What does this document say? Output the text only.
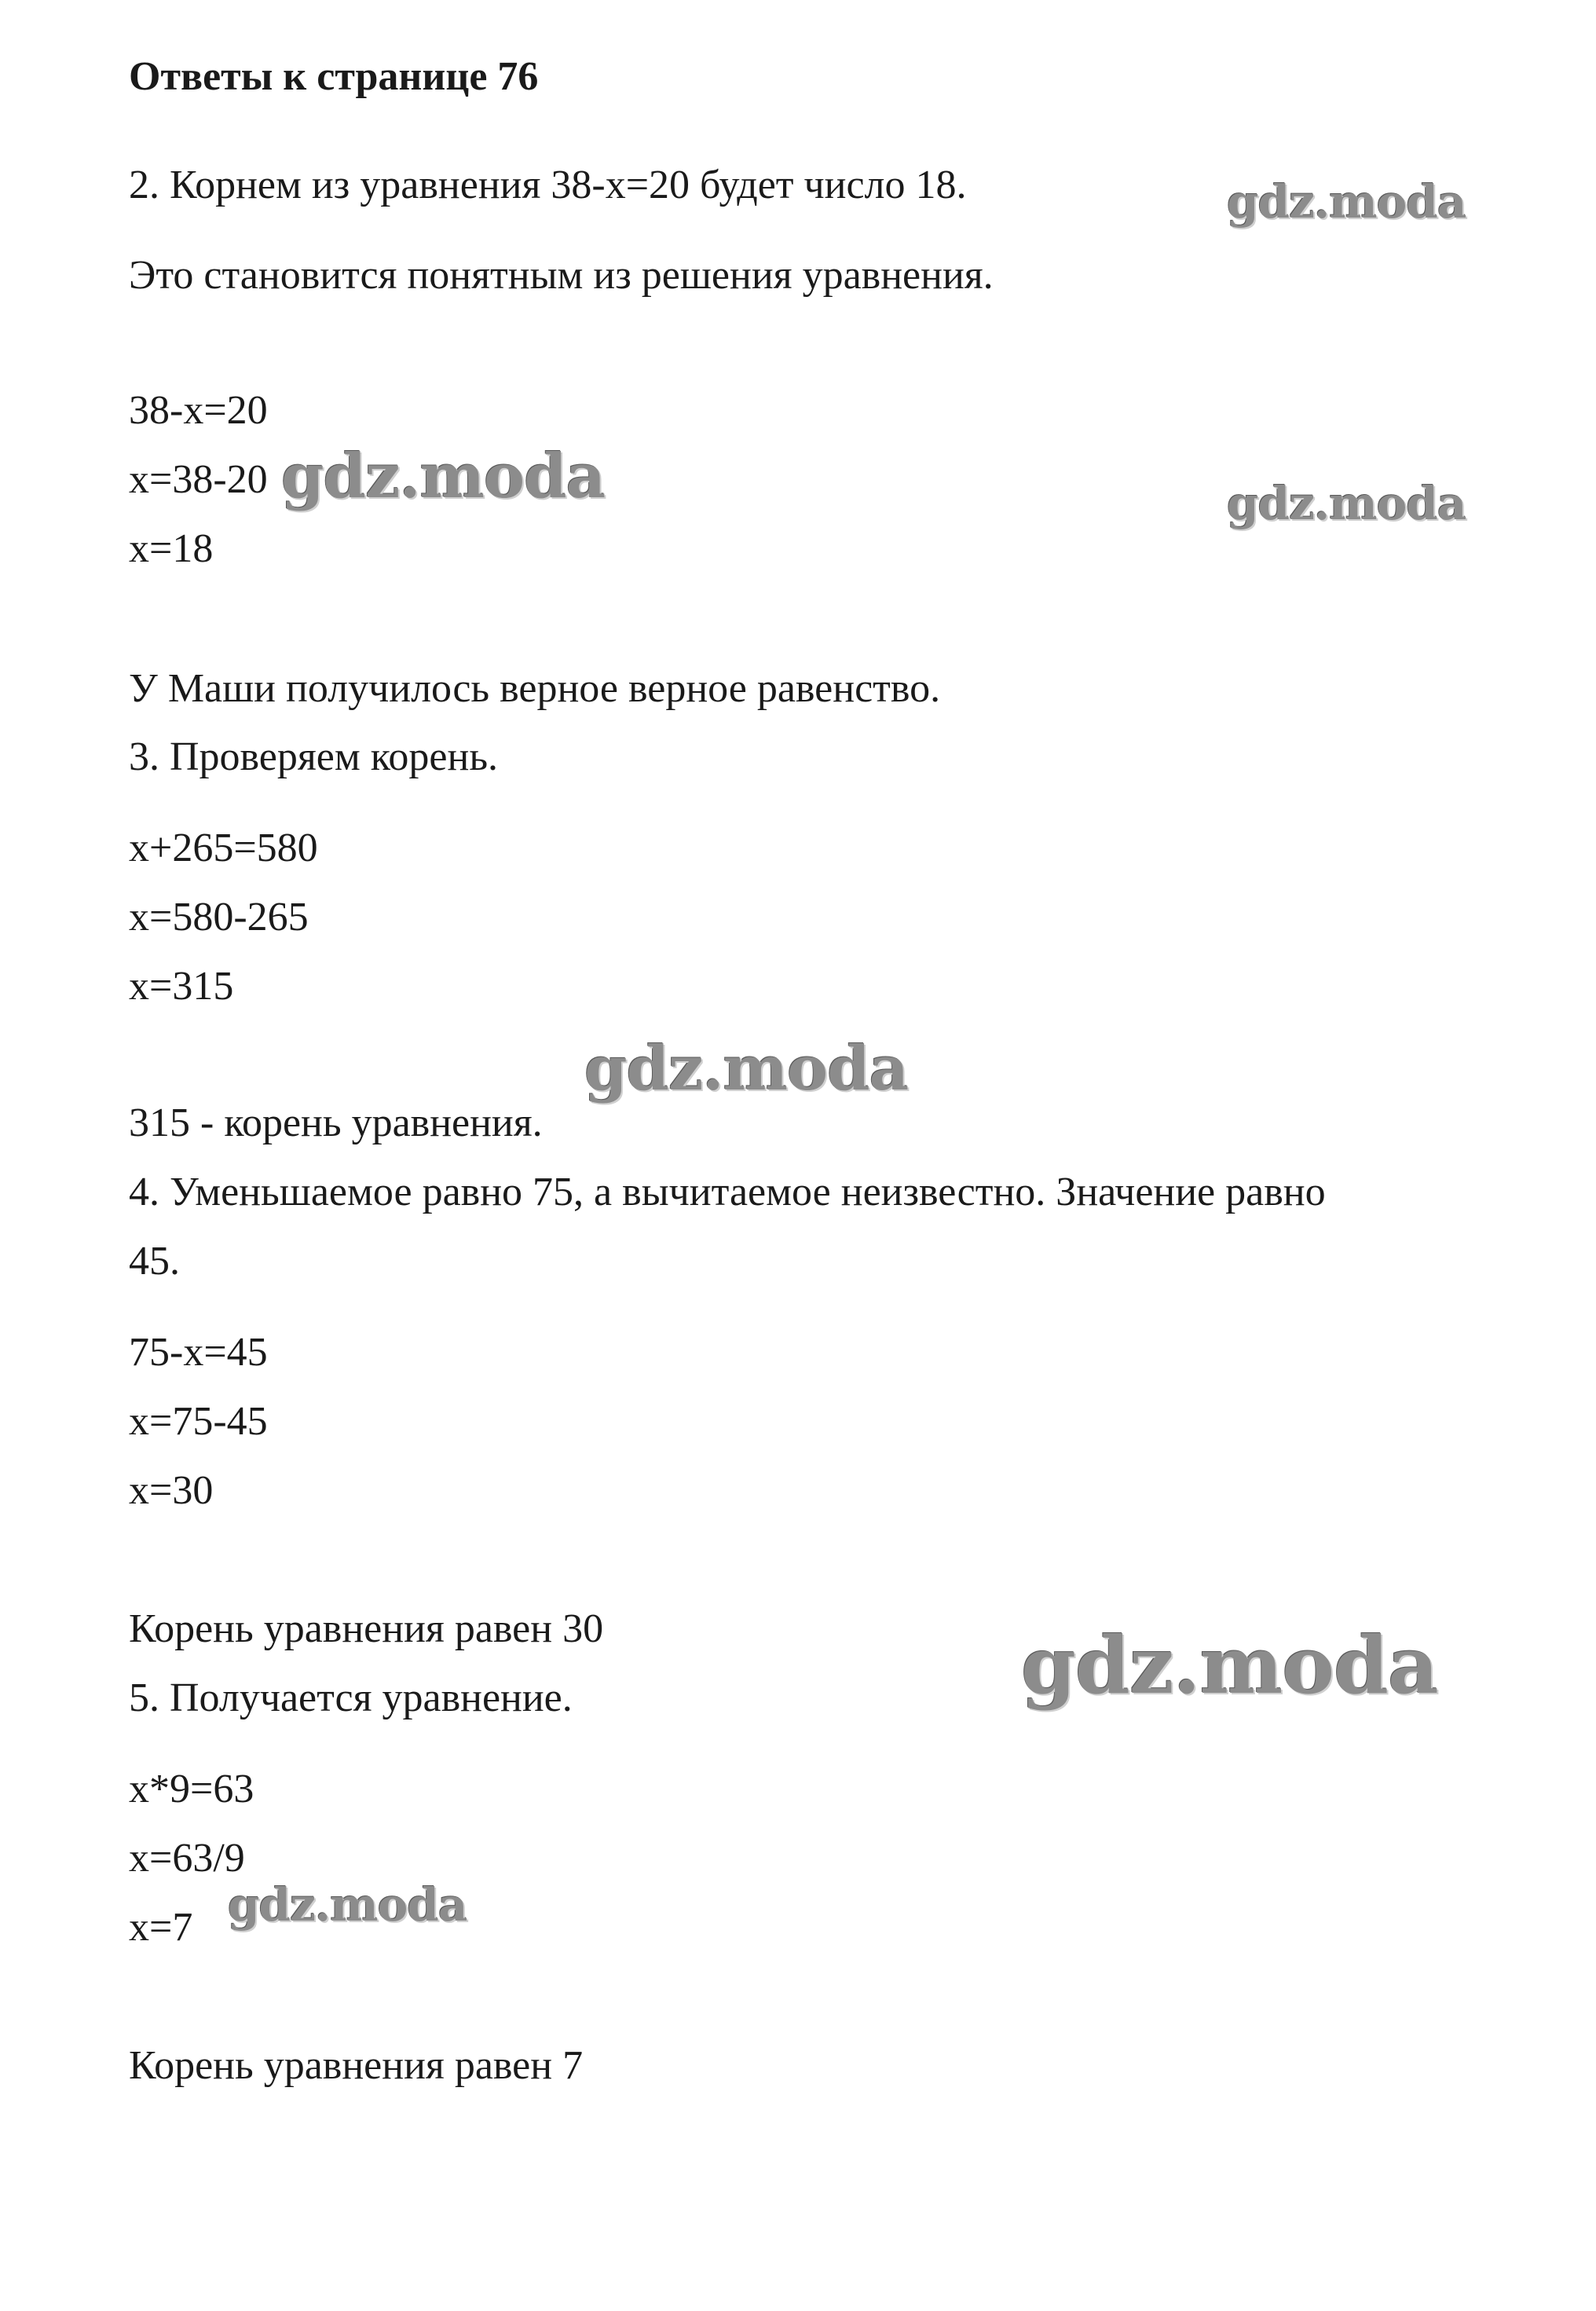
Ответы к странице 76
2. Корнем из уравнения 38-x=20 будет число 18.
Это становится понятным из решения уравнения.
38-x=20
x=38-20
x=18
У Маши получилось верное верное равенство.
3. Проверяем корень.
x+265=580
x=580-265
x=315
315 - корень уравнения.
4. Уменьшаемое равно 75, а вычитаемое неизвестно. Значение равно
45.
75-x=45
x=75-45
x=30
Корень уравнения равен 30
5. Получается уравнение.
x*9=63
x=63/9
x=7
Корень уравнения равен 7
gdz.moda
gdz.moda	gdz.moda
gdz.moda
gdz.moda
gdz.moda
